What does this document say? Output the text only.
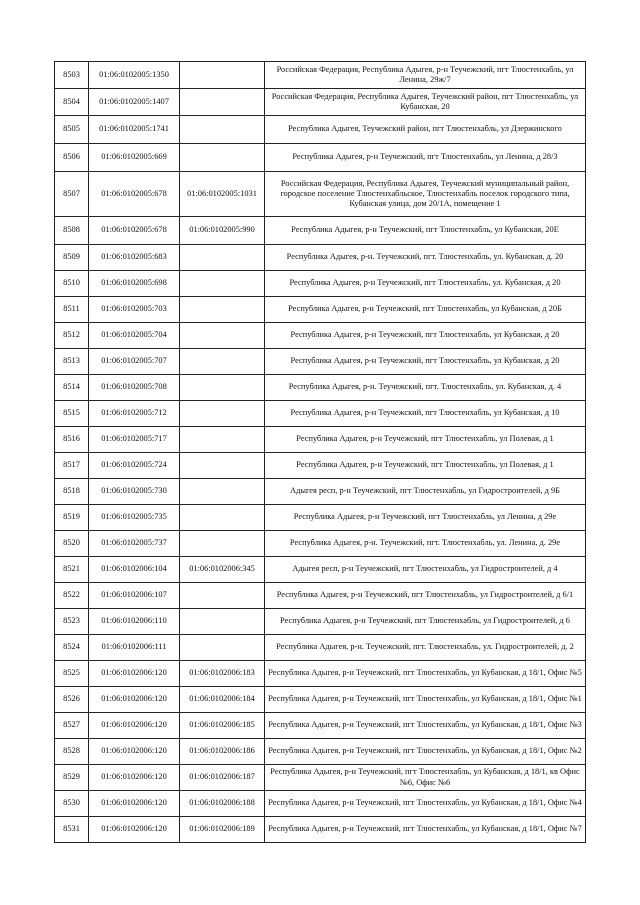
8503	01:06:0102005:1350		Российская Федерация, Республика Адыгея, р-н Теучежский, пгт Тлюстенхабль, ул Ленина, 29ж/7
8504	01:06:0102005:1407		Российская Федерация, Республика Адыгея, Теучежский район, пгт Тлюстенхабль, ул Кубанская, 20
8505	01:06:0102005:1741		Республика Адыгея, Теучежский район, пгт Тлюстенхабль, ул Дзержинского
8506	01:06:0102005:669		Республика Адыгея, р-н Теучежский, пгт Тлюстенхабль, ул Ленина, д 28/3
8507	01:06:0102005:678	01:06:0102005:1031	Российская Федерация, Республика Адыгея, Теучежский муниципальный район, городское поселение Тлюстенхабльское, Тлюстенхабль поселок городского типа, Кубанская улица, дом 20/1А, помещение 1
8508	01:06:0102005:678	01:06:0102005:990	Республика Адыгея, р-н Теучежский, пгт Тлюстенхабль, ул Кубанская, 20Е
8509	01:06:0102005:683		Республика Адыгея, р-н. Теучежский, пгт. Тлюстенхабль, ул. Кубанская, д. 20
8510	01:06:0102005:698		Республика Адыгея, р-н Теучежский, пгт Тлюстенхабль, ул. Кубанская, д 20
8511	01:06:0102005:703		Республика Адыгея, р-н Теучежский, пгт Тлюстенхабль, ул Кубанская, д 20Б
8512	01:06:0102005:704		Республика Адыгея, р-н Теучежский, пгт Тлюстенхабль, ул Кубанская, д 20
8513	01:06:0102005:707		Республика Адыгея, р-н Теучежский, пгт Тлюстенхабль, ул Кубанская, д 20
8514	01:06:0102005:708		Республика Адыгея, р-н. Теучежский, пгт. Тлюстенхабль, ул. Кубанская, д. 4
8515	01:06:0102005:712		Республика Адыгея, р-н Теучежский, пгт Тлюстенхабль, ул Кубанская, д 10
8516	01:06:0102005:717		Республика Адыгея, р-н Теучежский, пгт Тлюстенхабль, ул Полевая, д 1
8517	01:06:0102005:724		Республика Адыгея, р-н Теучежский, пгт Тлюстенхабль, ул Полевая, д 1
8518	01:06:0102005:730		Адыгея респ, р-н Теучежский, пгт Тлюстенхабль, ул Гидростроителей, д 9Б
8519	01:06:0102005:735		Республика Адыгея, р-н Теучежский, пгт Тлюстенхабль, ул Ленина, д 29е
8520	01:06:0102005:737		Республика Адыгея, р-н. Теучежский, пгт. Тлюстенхабль, ул. Ленина, д. 29е
8521	01:06:0102006:104	01:06:0102006:345	Адыгея респ, р-н Теучежский, пгт Тлюстенхабль, ул Гидростроителей, д 4
8522	01:06:0102006:107		Республика Адыгея, р-н Теучежский, пгт Тлюстенхабль, ул Гидростроителей, д 6/1
8523	01:06:0102006:110		Республика Адыгея, р-н Теучежский, пгт Тлюстенхабль, ул Гидростроителей, д 6
8524	01:06:0102006:111		Республика Адыгея, р-н. Теучежский, пгт. Тлюстенхабль, ул. Гидростроителей, д. 2
8525	01:06:0102006:120	01:06:0102006:183	Республика Адыгея, р-н Теучежский, пгт Тлюстенхабль, ул Кубанская, д 18/1, Офис №5
8526	01:06:0102006:120	01:06:0102006:184	Республика Адыгея, р-н Теучежский, пгт Тлюстенхабль, ул Кубанская, д 18/1, Офис №1
8527	01:06:0102006:120	01:06:0102006:185	Республика Адыгея, р-н Теучежский, пгт Тлюстенхабль, ул Кубанская, д 18/1, Офис №3
8528	01:06:0102006:120	01:06:0102006:186	Республика Адыгея, р-н Теучежский, пгт Тлюстенхабль, ул Кубанская, д 18/1, Офис №2
8529	01:06:0102006:120	01:06:0102006:187	Республика Адыгея, р-н Теучежский, пгт Тлюстенхабль, ул Кубанская, д 18/1, кв Офис №6, Офис №6
8530	01:06:0102006:120	01:06:0102006:188	Республика Адыгея, р-н Теучежский, пгт Тлюстенхабль, ул Кубанская, д 18/1, Офис №4
8531	01:06:0102006:120	01:06:0102006:189	Республика Адыгея, р-н Теучежский, пгт Тлюстенхабль, ул Кубанская, д 18/1, Офис №7
